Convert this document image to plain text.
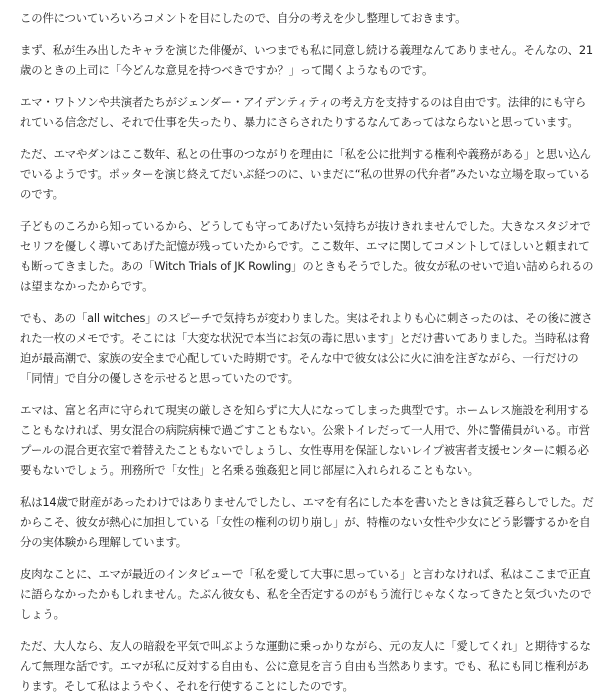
この件についていろいろコメントを目にしたので、自分の考えを少し整理しておきます。

まず、私が生み出したキャラを演じた俳優が、いつまでも私に同意し続ける義理なんてありません。そんなの、21歳のときの上司に「今どんな意見を持つべきですか？」って聞くようなものです。

エマ・ワトソンや共演者たちがジェンダー・アイデンティティの考え方を支持するのは自由です。法律的にも守られている信念だし、それで仕事を失ったり、暴力にさらされたりするなんてあってはならないと思っています。

ただ、エマやダンはここ数年、私との仕事のつながりを理由に「私を公に批判する権利や義務がある」と思い込んでいるようです。ポッターを演じ終えてだいぶ経つのに、いまだに“私の世界の代弁者”みたいな立場を取っているのです。

子どものころから知っているから、どうしても守ってあげたい気持ちが抜けきれませんでした。大きなスタジオでセリフを優しく導いてあげた記憶が残っていたからです。ここ数年、エマに関してコメントしてほしいと頼まれても断ってきました。あの「Witch Trials of JK Rowling」のときもそうでした。彼女が私のせいで追い詰められるのは望まなかったからです。

でも、あの「all witches」のスピーチで気持ちが変わりました。実はそれよりも心に刺さったのは、その後に渡された一枚のメモです。そこには「大変な状況で本当にお気の毒に思います」とだけ書いてありました。当時私は脅迫が最高潮で、家族の安全まで心配していた時期です。そんな中で彼女は公に火に油を注ぎながら、一行だけの「同情」で自分の優しさを示せると思っていたのです。

エマは、富と名声に守られて現実の厳しさを知らずに大人になってしまった典型です。ホームレス施設を利用することもなければ、男女混合の病院病棟で過ごすこともない。公衆トイレだって一人用で、外に警備員がいる。市営プールの混合更衣室で着替えたこともないでしょうし、女性専用を保証しないレイプ被害者支援センターに頼る必要もないでしょう。刑務所で「女性」と名乗る強姦犯と同じ部屋に入れられることもない。

私は14歳で財産があったわけではありませんでしたし、エマを有名にした本を書いたときは貧乏暮らしでした。だからこそ、彼女が熱心に加担している「女性の権利の切り崩し」が、特権のない女性や少女にどう影響するかを自分の実体験から理解しています。

皮肉なことに、エマが最近のインタビューで「私を愛して大事に思っている」と言わなければ、私はここまで正直に語らなかったかもしれません。たぶん彼女も、私を全否定するのがもう流行じゃなくなってきたと気づいたのでしょう。

ただ、大人なら、友人の暗殺を平気で叫ぶような運動に乗っかりながら、元の友人に「愛してくれ」と期待するなんて無理な話です。エマが私に反対する自由も、公に意見を言う自由も当然あります。でも、私にも同じ権利があります。そして私はようやく、それを行使することにしたのです。
